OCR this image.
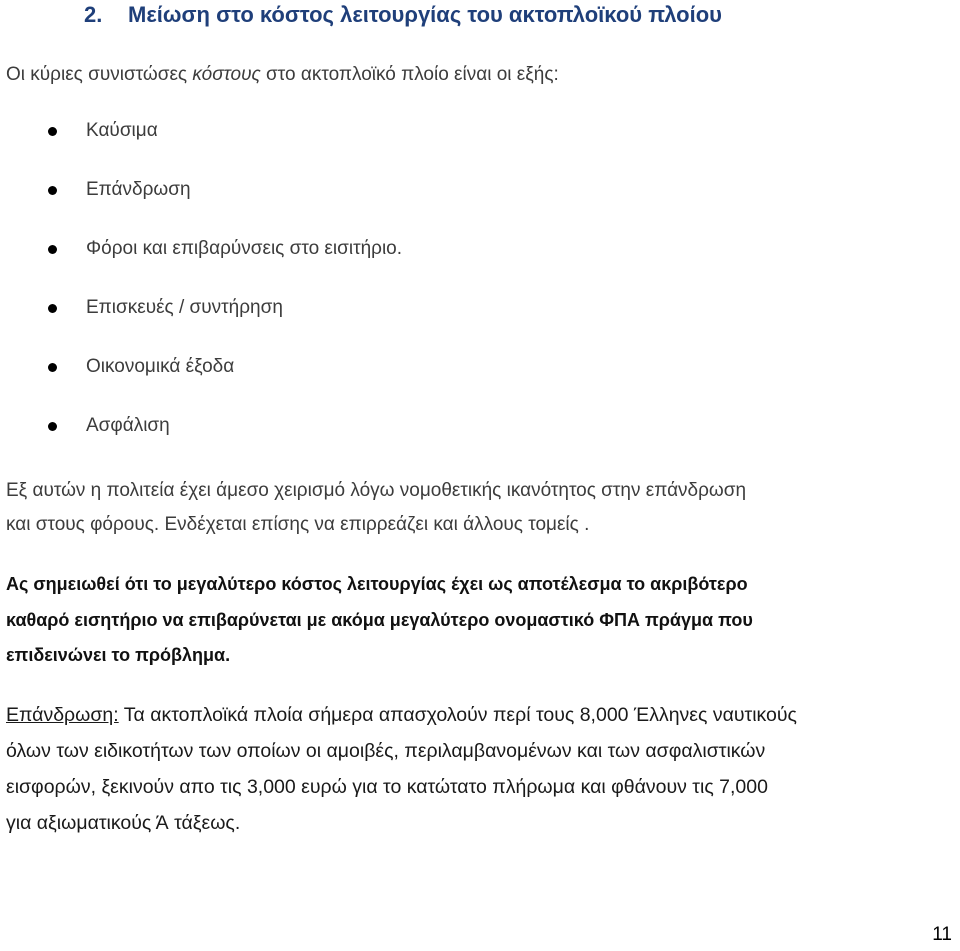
2. Μείωση στο κόστος λειτουργίας του ακτοπλοϊκού πλοίου
Οι κύριες συνιστώσες κόστους στο ακτοπλοϊκό πλοίο είναι οι εξής:
Καύσιμα
Επάνδρωση
Φόροι και επιβαρύνσεις στο εισιτήριο.
Επισκευές / συντήρηση
Οικονομικά έξοδα
Ασφάλιση
Εξ αυτών η πολιτεία έχει άμεσο χειρισμό λόγω νομοθετικής ικανότητος στην επάνδρωση
και στους φόρους. Ενδέχεται επίσης να επιρρεάζει και άλλους τομείς .
Ας σημειωθεί ότι το μεγαλύτερο κόστος λειτουργίας έχει ως αποτέλεσμα το ακριβότερο
καθαρό εισητήριο να επιβαρύνεται με ακόμα μεγαλύτερο ονομαστικό ΦΠΑ πράγμα που
επιδεινώνει το πρόβλημα.
Επάνδρωση: Τα ακτοπλοϊκά πλοία σήμερα απασχολούν περί τους 8,000 Έλληνες ναυτικούς
όλων των ειδικοτήτων των οποίων οι αμοιβές, περιλαμβανομένων και των ασφαλιστικών
εισφορών, ξεκινούν απο τις 3,000 ευρώ για το κατώτατο πλήρωμα και φθάνουν τις 7,000
για αξιωματικούς Ά τάξεως.
11
